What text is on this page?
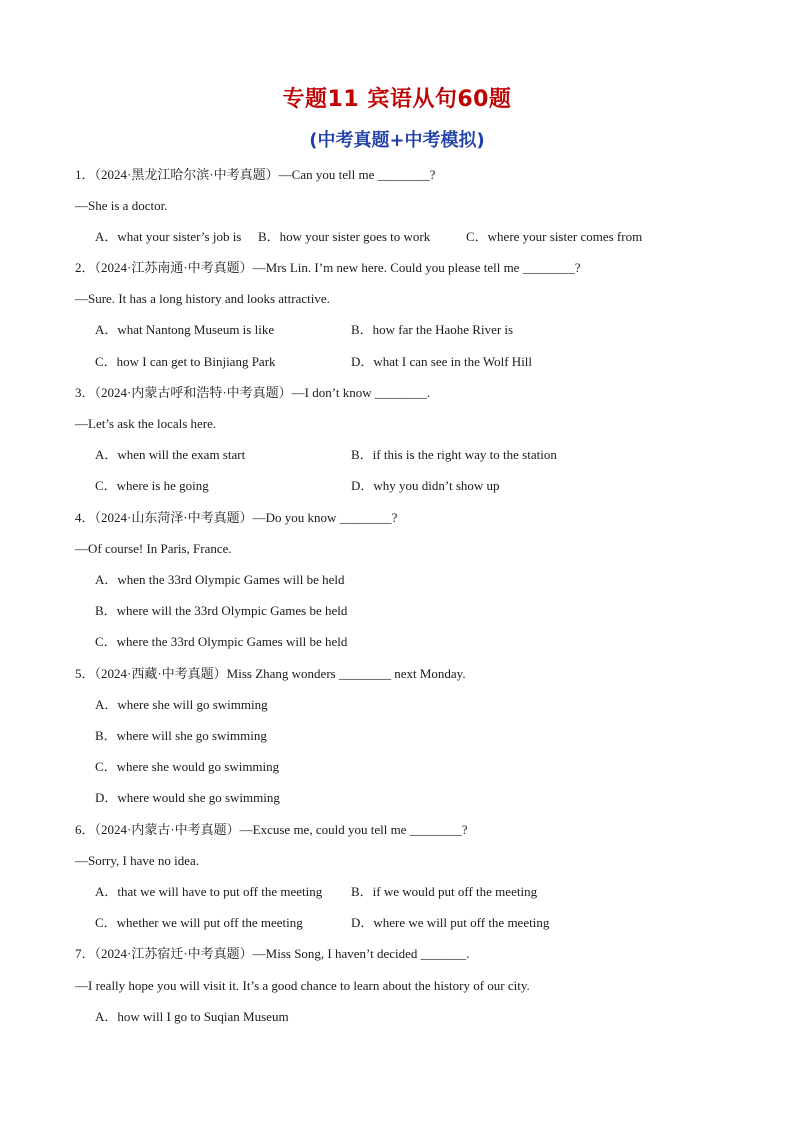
专题11 宾语从句60题
(中考真题+中考模拟)
1．（2024·黑龙江哈尔滨·中考真题）—Can you tell me ________?
—She is a doctor.
A．what your sister’s job is B．how your sister goes to work	C．where your sister comes from
2．（2024·江苏南通·中考真题）—Mrs Lin. I’m new here. Could you please tell me ________?
—Sure. It has a long history and looks attractive.
A．what Nantong Museum is like	B．how far the Haohe River is
C．how I can get to Binjiang Park	D．what I can see in the Wolf Hill
3．（2024·内蒙古呼和浩特·中考真题）—I don’t know ________.
—Let’s ask the locals here.
A．when will the exam start	B．if this is the right way to the station
C．where is he going	D．why you didn’t show up
4．（2024·山东菏泽·中考真题）—Do you know ________?
—Of course! In Paris, France.
A．when the 33rd Olympic Games will be held
B．where will the 33rd Olympic Games be held
C．where the 33rd Olympic Games will be held
5．（2024·西藏·中考真题）Miss Zhang wonders ________ next Monday.
A．where she will go swimming
B．where will she go swimming
C．where she would go swimming
D．where would she go swimming
6．（2024·内蒙古·中考真题）—Excuse me, could you tell me ________?
—Sorry, I have no idea.
A．that we will have to put off the meeting B．if we would put off the meeting
C．whether we will put off the meeting	D．where we will put off the meeting
7．（2024·江苏宿迁·中考真题）—Miss Song, I haven’t decided _______.
—I really hope you will visit it. It’s a good chance to learn about the history of our city.
A．how will I go to Suqian Museum
